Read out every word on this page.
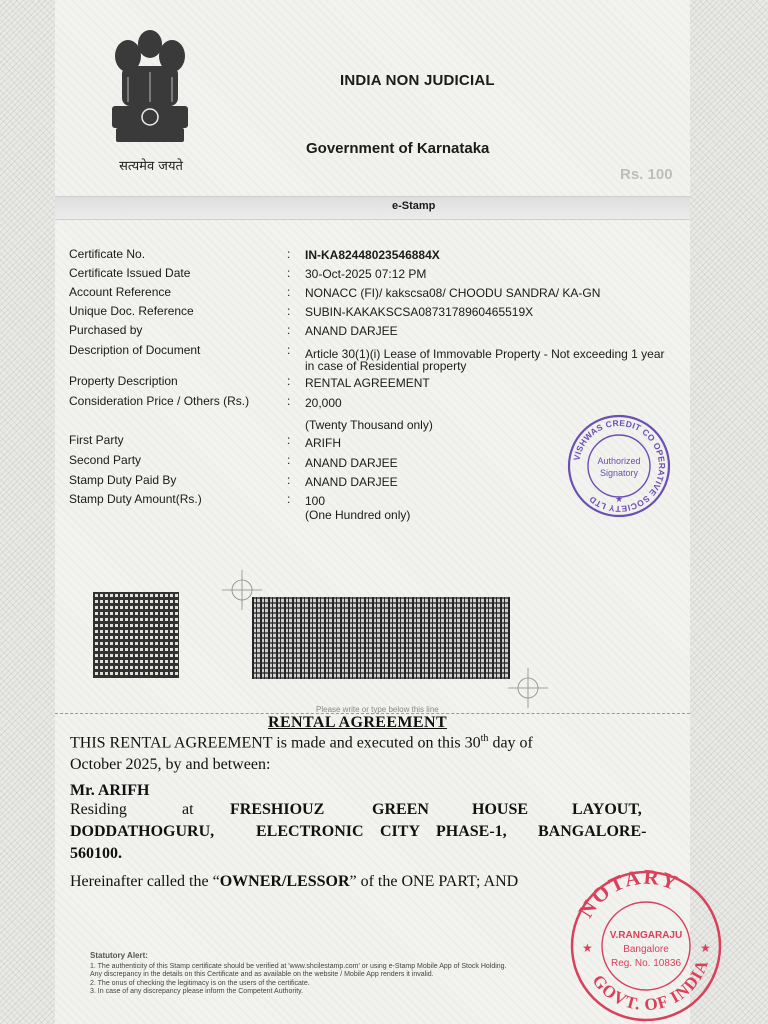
सत्यमेव जयते
INDIA NON JUDICIAL
Government of Karnataka
Rs. 100
e-Stamp
Certificate No.	: IN-KA82448023546884X
Certificate Issued Date	: 30-Oct-2025 07:12 PM
Account Reference	: NONACC (FI)/ kakscsa08/ CHOODU SANDRA/ KA-GN
Unique Doc. Reference	: SUBIN-KAKAKSCSA0873178960465519X
Purchased by	: ANAND DARJEE
Description of Document	: Article 30(1)(i) Lease of Immovable Property - Not exceeding 1 year
in case of Residential property
Property Description	: RENTAL AGREEMENT
Consideration Price / Others (Rs.)	: 20,000
(Twenty Thousand only)
First Party	: ARIFH
Second Party	: ANAND DARJEE
Stamp Duty Paid By	: ANAND DARJEE
Stamp Duty Amount(Rs.)	: 100
(One Hundred only)
VISHWAS CREDIT CO OPERATIVE SOCIETY LTD
Authorized
Signatory
★
Please write or type below this line
RENTAL AGREEMENT
THIS RENTAL AGREEMENT is made and executed on this 30th day of
October 2025, by and between:
Mr. ARIFH
Residing	at FRESHIOUZ	GREEN	HOUSE	LAYOUT,
DODDATHOGURU,	ELECTRONIC CITY PHASE-1, BANGALORE-
560100.
Hereinafter called the “OWNER/LESSOR” of the ONE PART; AND
NOTARY
GOVT. OF INDIA
V.RANGARAJU
Bangalore
Reg. No. 10836
★	★
Statutory Alert:
1. The authenticity of this Stamp certificate should be verified at 'www.shcilestamp.com' or using e-Stamp Mobile App of Stock Holding.
Any discrepancy in the details on this Certificate and as available on the website / Mobile App renders it invalid.
2. The onus of checking the legitimacy is on the users of the certificate.
3. In case of any discrepancy please inform the Competent Authority.
